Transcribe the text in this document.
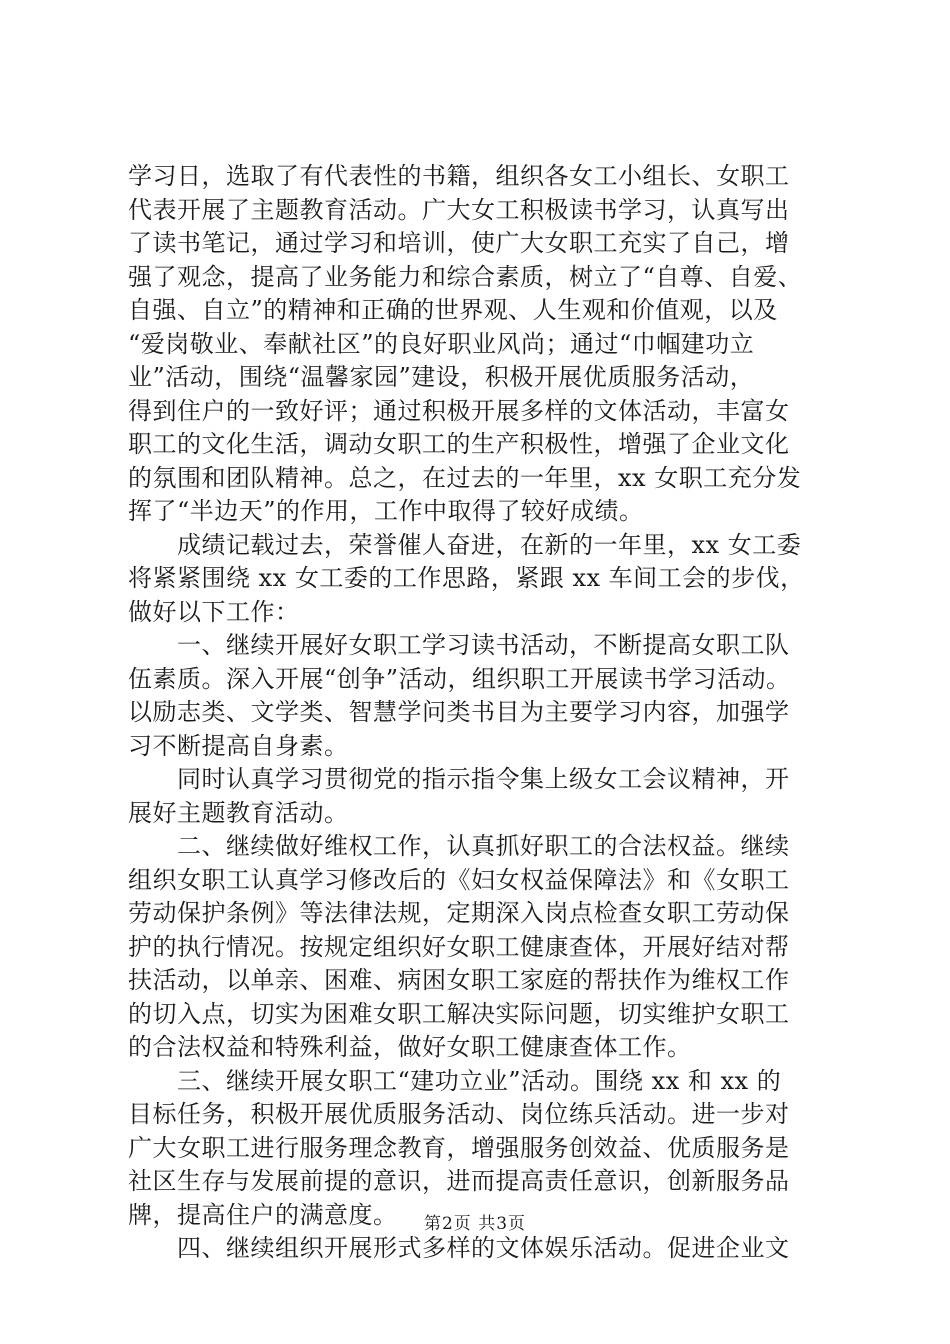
学习日，选取了有代表性的书籍，组织各女工小组长、女职工
代表开展了主题教育活动。广大女工积极读书学习，认真写出
了读书笔记，通过学习和培训，使广大女职工充实了自己，增
强了观念，提高了业务能力和综合素质，树立了“自尊、自爱、
自强、自立”的精神和正确的世界观、人生观和价值观，以及
“爱岗敬业、奉献社区”的良好职业风尚；通过“巾帼建功立
业”活动，围绕“温馨家园”建设，积极开展优质服务活动，
得到住户的一致好评；通过积极开展多样的文体活动，丰富女
职工的文化生活，调动女职工的生产积极性，增强了企业文化
的氛围和团队精神。总之，在过去的一年里，xx 女职工充分发
挥了“半边天”的作用，工作中取得了较好成绩。
　　成绩记载过去，荣誉催人奋进，在新的一年里，xx 女工委
将紧紧围绕 xx 女工委的工作思路，紧跟 xx 车间工会的步伐，
做好以下工作：
　　一、继续开展好女职工学习读书活动，不断提高女职工队
伍素质。深入开展“创争”活动，组织职工开展读书学习活动。
以励志类、文学类、智慧学问类书目为主要学习内容，加强学
习不断提高自身素。
　　同时认真学习贯彻党的指示指令集上级女工会议精神，开
展好主题教育活动。
　　二、继续做好维权工作，认真抓好职工的合法权益。继续
组织女职工认真学习修改后的《妇女权益保障法》和《女职工
劳动保护条例》等法律法规，定期深入岗点检查女职工劳动保
护的执行情况。按规定组织好女职工健康查体，开展好结对帮
扶活动，以单亲、困难、病困女职工家庭的帮扶作为维权工作
的切入点，切实为困难女职工解决实际问题，切实维护女职工
的合法权益和特殊利益，做好女职工健康查体工作。
　　三、继续开展女职工“建功立业”活动。围绕 xx 和 xx 的
目标任务，积极开展优质服务活动、岗位练兵活动。进一步对
广大女职工进行服务理念教育，增强服务创效益、优质服务是
社区生存与发展前提的意识，进而提高责任意识，创新服务品
牌，提高住户的满意度。
　　四、继续组织开展形式多样的文体娱乐活动。促进企业文
第2页 共3页
